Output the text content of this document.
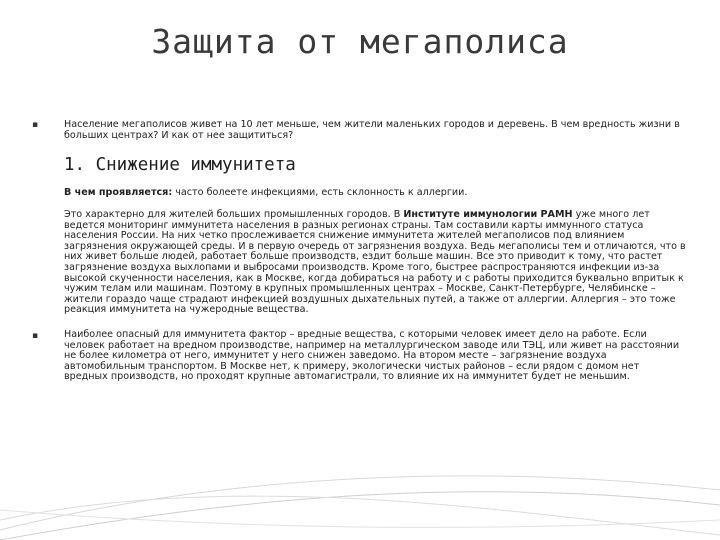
Защита от мегаполиса
▪	Население мегаполисов живет на 10 лет меньше, чем жители маленьких городов и деревень. В чем вредность жизни в больших центрах? И как от нее защититься?
1. Снижение иммунитета
В чем проявляется: часто болеете инфекциями, есть склонность к аллергии.
Это характерно для жителей больших промышленных городов. В Институте иммунологии РАМН уже много лет ведется мониторинг иммунитета населения в разных регионах страны. Там составили карты иммунного статуса населения России. На них четко прослеживается снижение иммунитета жителей мегаполисов под влиянием загрязнения окружающей среды. И в первую очередь от загрязнения воздуха. Ведь мегаполисы тем и отличаются, что в них живет больше людей, работает больше производств, ездит больше машин. Все это приводит к тому, что растет загрязнение воздуха выхлопами и выбросами производств. Кроме того, быстрее распространяются инфекции из-за высокой скученности населения, как в Москве, когда добираться на работу и с работы приходится буквально впритык к чужим телам или машинам. Поэтому в крупных промышленных центрах – Москве, Санкт-Петербурге, Челябинске – жители гораздо чаще страдают инфекцией воздушных дыхательных путей, а также от аллергии. Аллергия – это тоже реакция иммунитета на чужеродные вещества.
▪	Наиболее опасный для иммунитета фактор – вредные вещества, с которыми человек имеет дело на работе. Если человек работает на вредном производстве, например на металлургическом заводе или ТЭЦ, или живет на расстоянии не более километра от него, иммунитет у него снижен заведомо. На втором месте – загрязнение воздуха автомобильным транспортом. В Москве нет, к примеру, экологически чистых районов – если рядом с домом нет вредных производств, но проходят крупные автомагистрали, то влияние их на иммунитет будет не меньшим.
